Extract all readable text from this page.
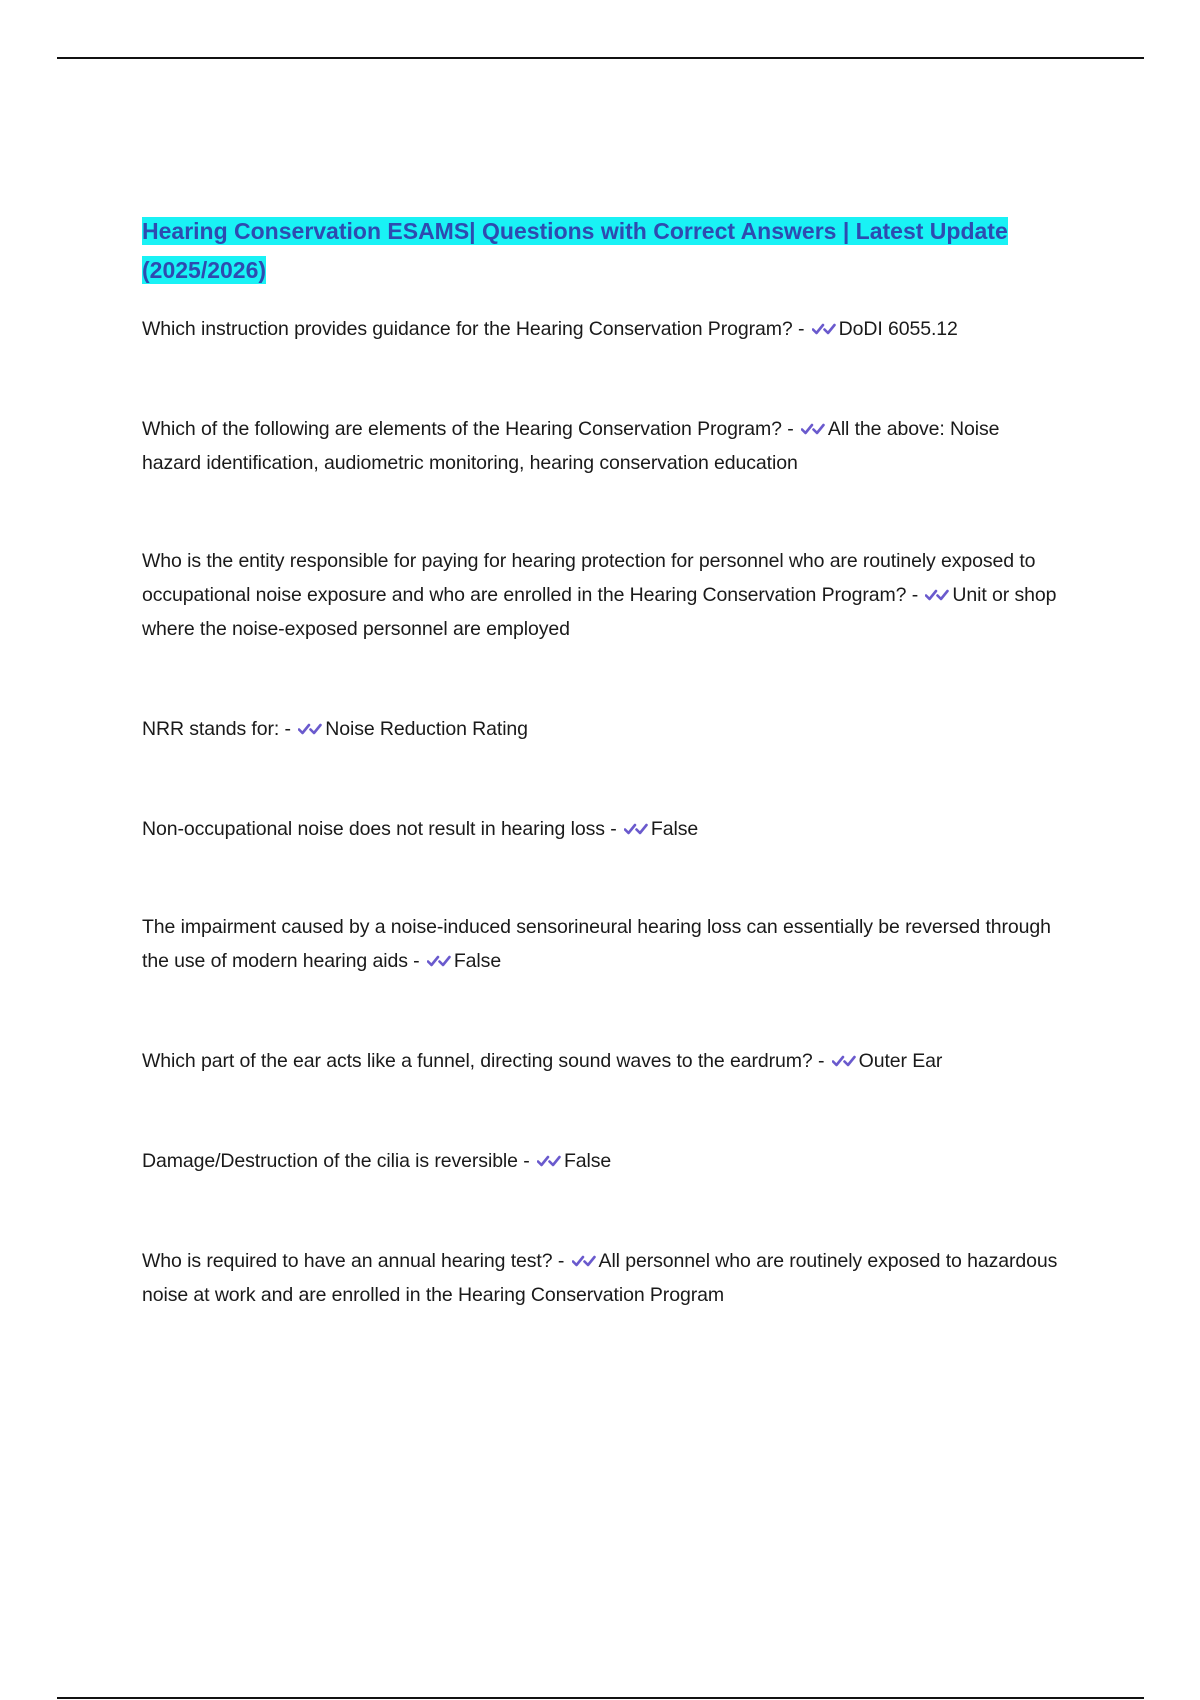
Hearing Conservation ESAMS| Questions with Correct Answers | Latest Update (2025/2026)

Which instruction provides guidance for the Hearing Conservation Program? -
DoDI 6055.12

Which of the following are elements of the Hearing Conservation Program? -
All the above: Noise hazard identification, audiometric monitoring, hearing conservation education

Who is the entity responsible for paying for hearing protection for personnel who are routinely exposed to occupational noise exposure and who are enrolled in the Hearing Conservation Program? -
Unit or shop where the noise-exposed personnel are employed

NRR stands for: -
Noise Reduction Rating

Non-occupational noise does not result in hearing loss -
False

The impairment caused by a noise-induced sensorineural hearing loss can essentially be reversed through the use of modern hearing aids -
False

Which part of the ear acts like a funnel, directing sound waves to the eardrum? -
Outer Ear

Damage/Destruction of the cilia is reversible -
False

Who is required to have an annual hearing test? -
All personnel who are routinely exposed to hazardous noise at work and are enrolled in the Hearing Conservation Program
